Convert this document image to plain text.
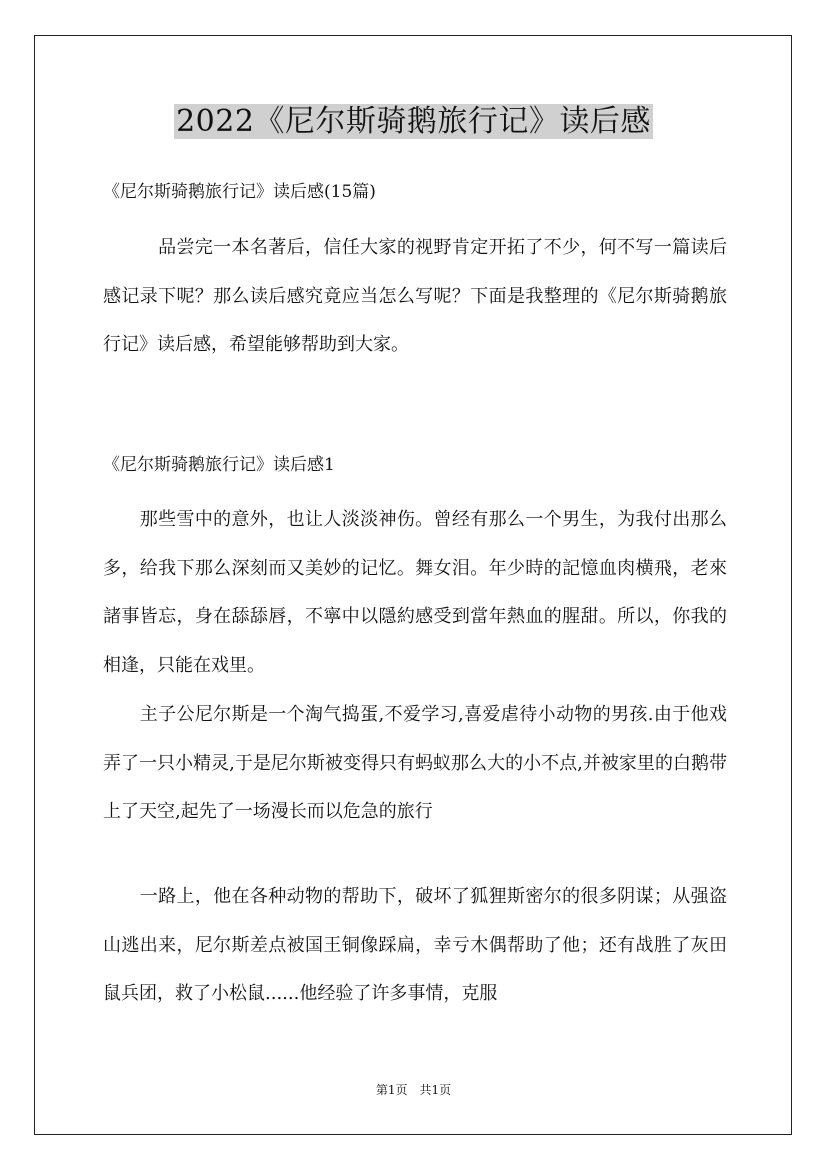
2022《尼尔斯骑鹅旅行记》读后感
《尼尔斯骑鹅旅行记》读后感(15篇)

　　　品尝完一本名著后，信任大家的视野肯定开拓了不少，何不写一篇读后感记录下呢？那么读后感究竟应当怎么写呢？下面是我整理的《尼尔斯骑鹅旅行记》读后感，希望能够帮助到大家。

《尼尔斯骑鹅旅行记》读后感1

　　那些雪中的意外，也让人淡淡神伤。曾经有那么一个男生，为我付出那么多，给我下那么深刻而又美妙的记忆。舞女泪。年少時的記憶血肉横飛，老來諸事皆忘，身在舔舔唇，不寧中以隱約感受到當年熱血的腥甜。所以，你我的相逢，只能在戏里。

　　主子公尼尔斯是一个淘气捣蛋,不爱学习,喜爱虐待小动物的男孩.由于他戏弄了一只小精灵,于是尼尔斯被变得只有蚂蚁那么大的小不点,并被家里的白鹅带上了天空,起先了一场漫长而以危急的旅行

　　一路上，他在各种动物的帮助下，破坏了狐狸斯密尔的很多阴谋；从强盗山逃出来，尼尔斯差点被国王铜像踩扁，幸亏木偶帮助了他；还有战胜了灰田鼠兵团，救了小松鼠......他经验了许多事情，克服

第1页　共1页
